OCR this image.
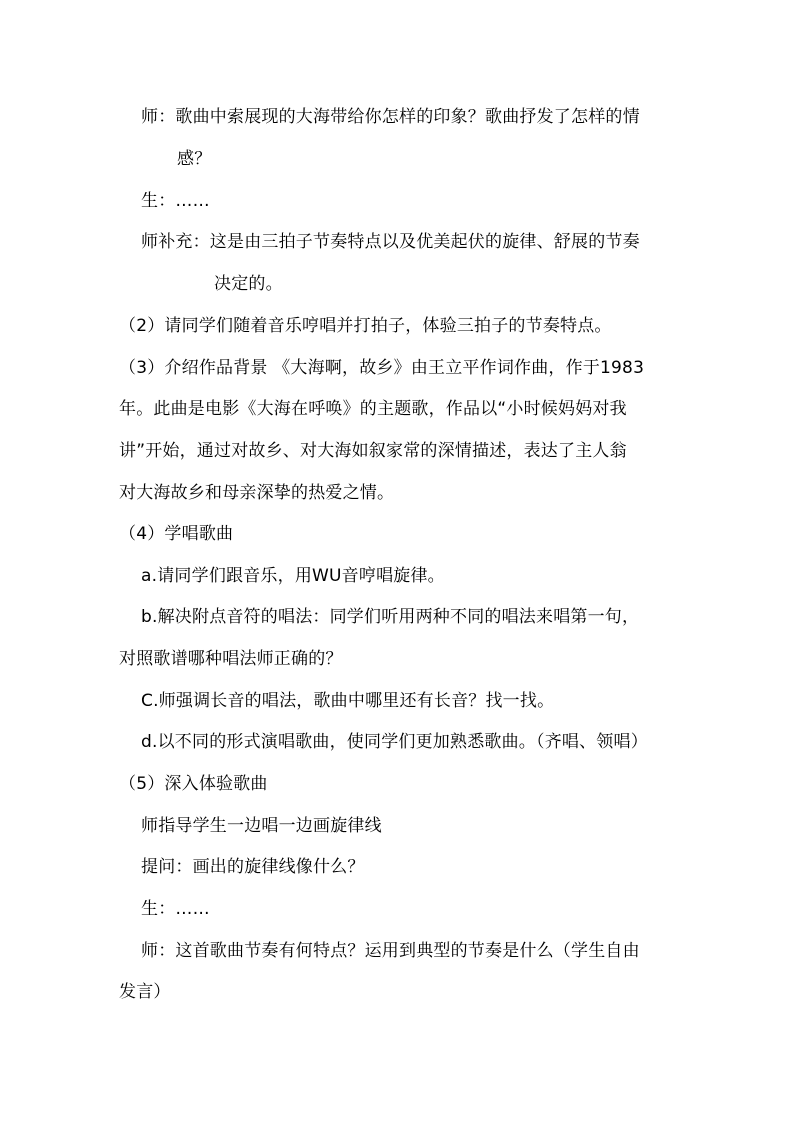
师：歌曲中索展现的大海带给你怎样的印象？歌曲抒发了怎样的情
感？
生：……
师补充：这是由三拍子节奏特点以及优美起伏的旋律、舒展的节奏
决定的。
（2）请同学们随着音乐哼唱并打拍子，体验三拍子的节奏特点。
（3）介绍作品背景 《大海啊，故乡》由王立平作词作曲，作于1983
年。此曲是电影《大海在呼唤》的主题歌，作品以“小时候妈妈对我
讲”开始，通过对故乡、对大海如叙家常的深情描述，表达了主人翁
对大海故乡和母亲深挚的热爱之情。
（4）学唱歌曲
a.请同学们跟音乐，用WU音哼唱旋律。
b.解决附点音符的唱法：同学们听用两种不同的唱法来唱第一句，
对照歌谱哪种唱法师正确的？
C.师强调长音的唱法，歌曲中哪里还有长音？找一找。
d.以不同的形式演唱歌曲，使同学们更加熟悉歌曲。（齐唱、领唱）
（5）深入体验歌曲
师指导学生一边唱一边画旋律线
提问：画出的旋律线像什么？
生：……
师：这首歌曲节奏有何特点？运用到典型的节奏是什么（学生自由
发言）
